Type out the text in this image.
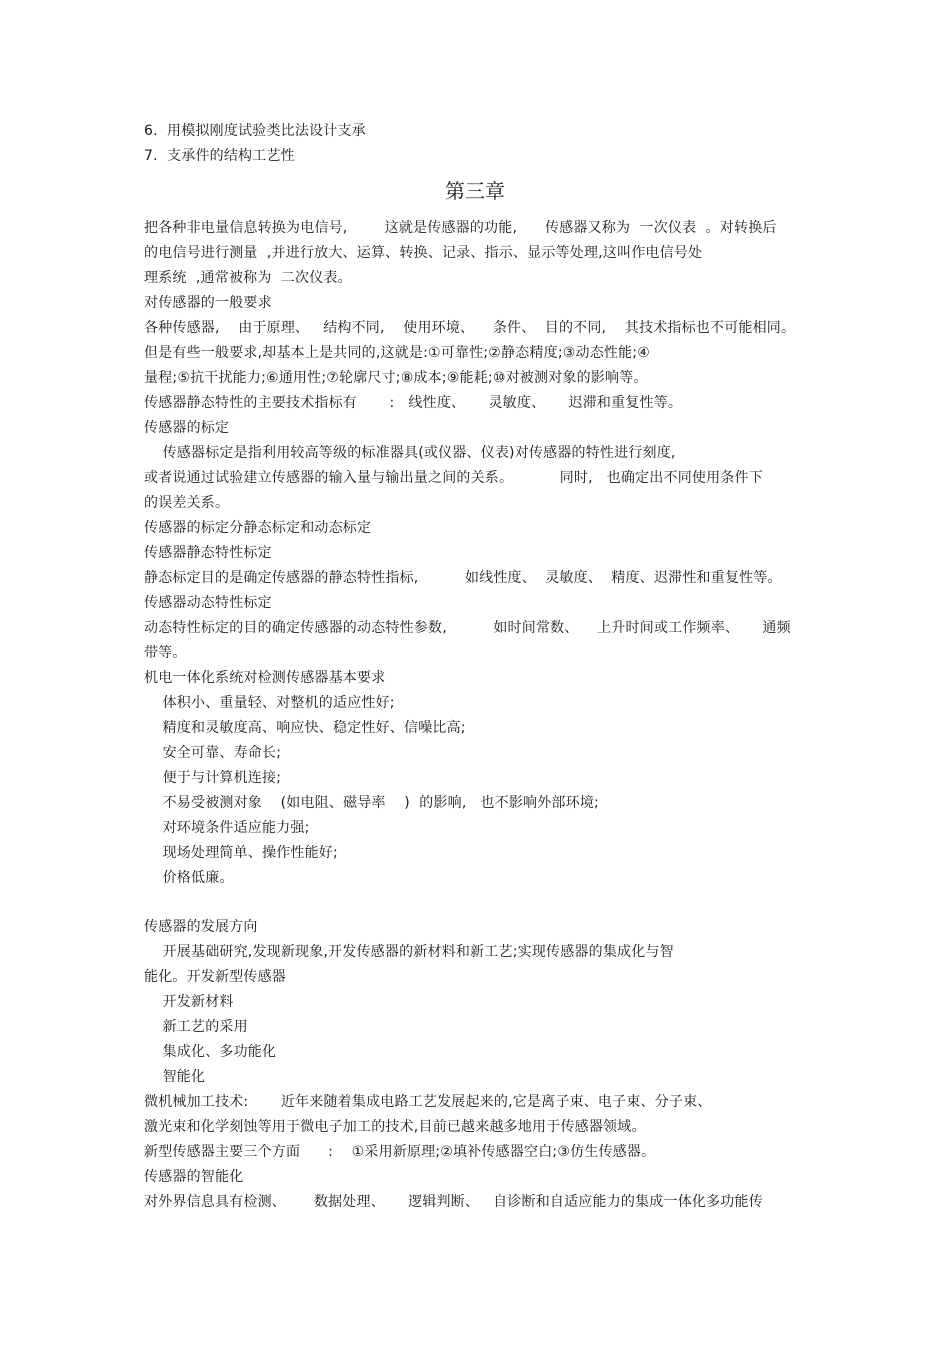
6.  用模拟刚度试验类比法设计支承
7.  支承件的结构工艺性
第三章
把各种非电量信息转换为电信号,        这就是传感器的功能,      传感器又称为  一次仪表  。对转换后
的电信号进行测量  ,并进行放大、运算、转换、记录、指示、显示等处理,这叫作电信号处
理系统  ,通常被称为  二次仪表。
对传感器的一般要求
各种传感器,    由于原理、   结构不同,    使用环境、    条件、  目的不同,    其技术指标也不可能相同。
但是有些一般要求,却基本上是共同的,这就是:①可靠性;②静态精度;③动态性能;④
量程;⑤抗干扰能力;⑥通用性;⑦轮廓尺寸;⑧成本;⑨能耗;⑩对被测对象的影响等。
传感器静态特性的主要技术指标有       :   线性度、     灵敏度、     迟滞和重复性等。
传感器的标定
传感器标定是指利用较高等级的标准器具(或仪器、仪表)对传感器的特性进行刻度,
或者说通过试验建立传感器的输入量与输出量之间的关系。          同时,   也确定出不同使用条件下
的误差关系。
传感器的标定分静态标定和动态标定
传感器静态特性标定
静态标定目的是确定传感器的静态特性指标,          如线性度、  灵敏度、  精度、迟滞性和重复性等。
传感器动态特性标定
动态特性标定的目的确定传感器的动态特性参数,          如时间常数、    上升时间或工作频率、     通频
带等。
机电一体化系统对检测传感器基本要求
体积小、重量轻、对整机的适应性好;
精度和灵敏度高、响应快、稳定性好、信噪比高;
安全可靠、寿命长;
便于与计算机连接;
不易受被测对象    (如电阻、磁导率    )  的影响,   也不影响外部环境;
对环境条件适应能力强;
现场处理简单、操作性能好;
价格低廉。
传感器的发展方向
开展基础研究,发现新现象,开发传感器的新材料和新工艺;实现传感器的集成化与智
能化。开发新型传感器
开发新材料
新工艺的采用
集成化、多功能化
智能化
微机械加工技术:       近年来随着集成电路工艺发展起来的,它是离子束、电子束、分子束、
激光束和化学刻蚀等用于微电子加工的技术,目前已越来越多地用于传感器领域。
新型传感器主要三个方面      :    ①采用新原理;②填补传感器空白;③仿生传感器。
传感器的智能化
对外界信息具有检测、      数据处理、     逻辑判断、   自诊断和自适应能力的集成一体化多功能传
